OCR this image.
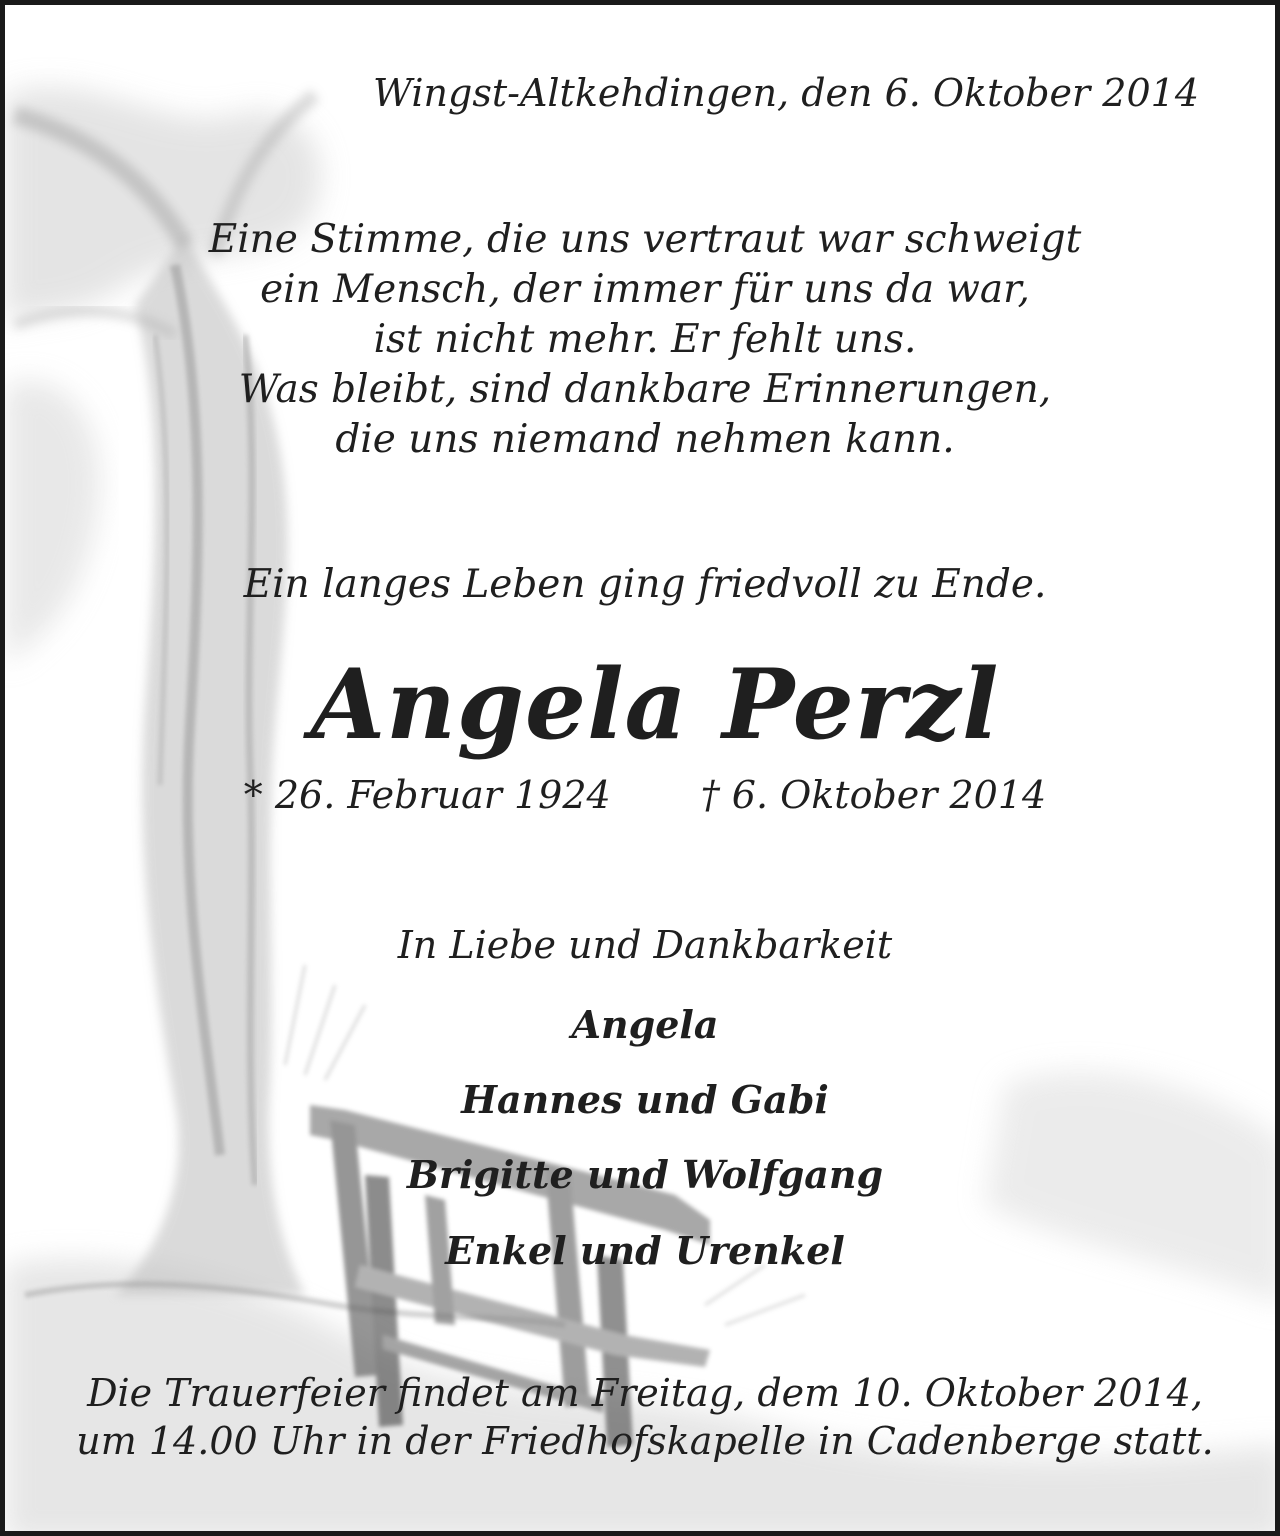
Wingst-Altkehdingen, den 6. Oktober 2014

Eine Stimme, die uns vertraut war schweigt
ein Mensch, der immer für uns da war,
ist nicht mehr. Er fehlt uns.
Was bleibt, sind dankbare Erinnerungen,
die uns niemand nehmen kann.

Ein langes Leben ging friedvoll zu Ende.

Angela Perzl

* 26. Februar 1924 † 6. Oktober 2014

In Liebe und Dankbarkeit

Angela

Hannes und Gabi

Brigitte und Wolfgang

Enkel und Urenkel

Die Trauerfeier findet am Freitag, dem 10. Oktober 2014,
um 14.00 Uhr in der Friedhofskapelle in Cadenberge statt.
